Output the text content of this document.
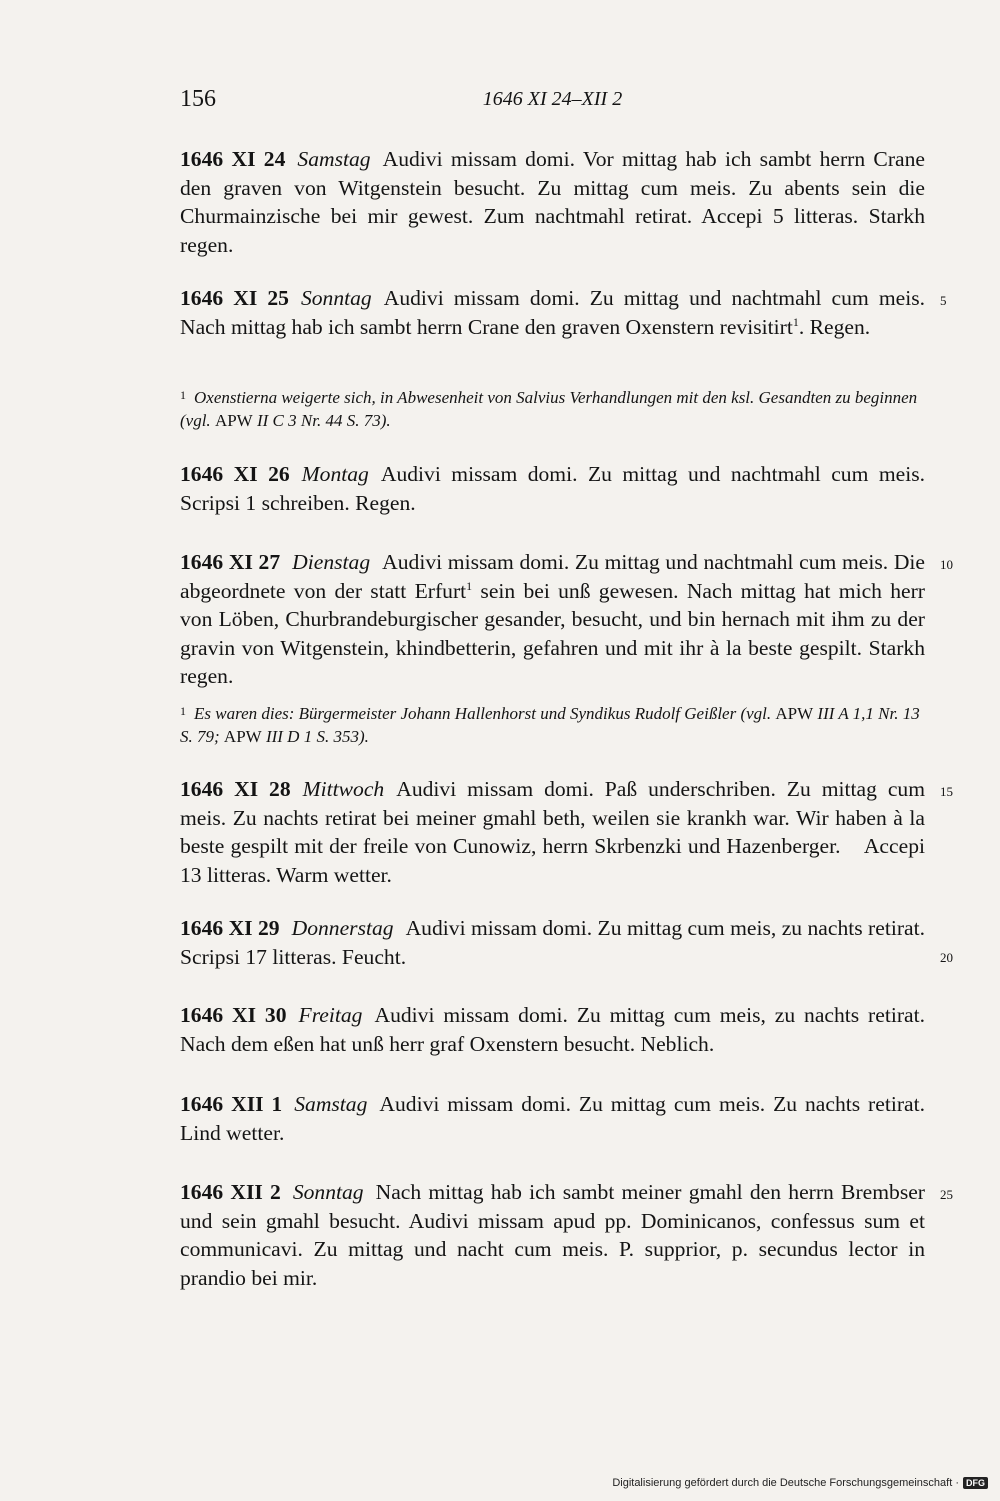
156	1646 XI 24–XII 2

1646 XI 24 Samstag Audivi missam domi. Vor mittag hab ich sambt herrn Crane den graven von Witgenstein besucht. Zu mittag cum meis. Zu abents sein die Churmainzische bei mir gewest. Zum nachtmahl retirat. Accepi 5 litteras. Starkh regen.

1646 XI 25 Sonntag Audivi missam domi. Zu mittag und nachtmahl cum meis. Nach mittag hab ich sambt herrn Crane den graven Oxenstern revisitirt$^1$. Regen.

1 Oxenstierna weigerte sich, in Abwesenheit von Salvius Verhandlungen mit den ksl. Gesandten zu beginnen (vgl. APW II C 3 Nr. 44 S. 73).

1646 XI 26 Montag Audivi missam domi. Zu mittag und nachtmahl cum meis. Scripsi 1 schreiben. Regen.

1646 XI 27 Dienstag Audivi missam domi. Zu mittag und nachtmahl cum meis. Die abgeordnete von der statt Erfurt$^1$ sein bei unß gewesen. Nach mittag hat mich herr von Löben, Churbrandeburgischer gesander, besucht, und bin hernach mit ihm zu der gravin von Witgenstein, khindbetterin, gefahren und mit ihr à la beste gespilt. Starkh regen.

1 Es waren dies: Bürgermeister Johann Hallenhorst und Syndikus Rudolf Geißler (vgl. APW III A 1,1 Nr. 13 S. 79; APW III D 1 S. 353).

1646 XI 28 Mittwoch Audivi missam domi. Paß underschriben. Zu mittag cum meis. Zu nachts retirat bei meiner gmahl beth, weilen sie krankh war. Wir haben à la beste gespilt mit der freile von Cunowiz, herrn Skrbenzki und Hazenberger.    Accepi 13 litteras. Warm wetter.

1646 XI 29 Donnerstag Audivi missam domi. Zu mittag cum meis, zu nachts retirat. Scripsi 17 litteras. Feucht.

1646 XI 30 Freitag Audivi missam domi. Zu mittag cum meis, zu nachts retirat. Nach dem eßen hat unß herr graf Oxenstern besucht. Neblich.

1646 XII 1 Samstag Audivi missam domi. Zu mittag cum meis. Zu nachts retirat. Lind wetter.

1646 XII 2 Sonntag Nach mittag hab ich sambt meiner gmahl den herrn Brembser und sein gmahl besucht. Audivi missam apud pp. Dominicanos, confessus sum et communicavi. Zu mittag und nacht cum meis. P. supprior, p. secundus lector in prandio bei mir.

5
10
15
20
25
Digitalisierung gefördert durch die Deutsche Forschungsgemeinschaft · DFG
